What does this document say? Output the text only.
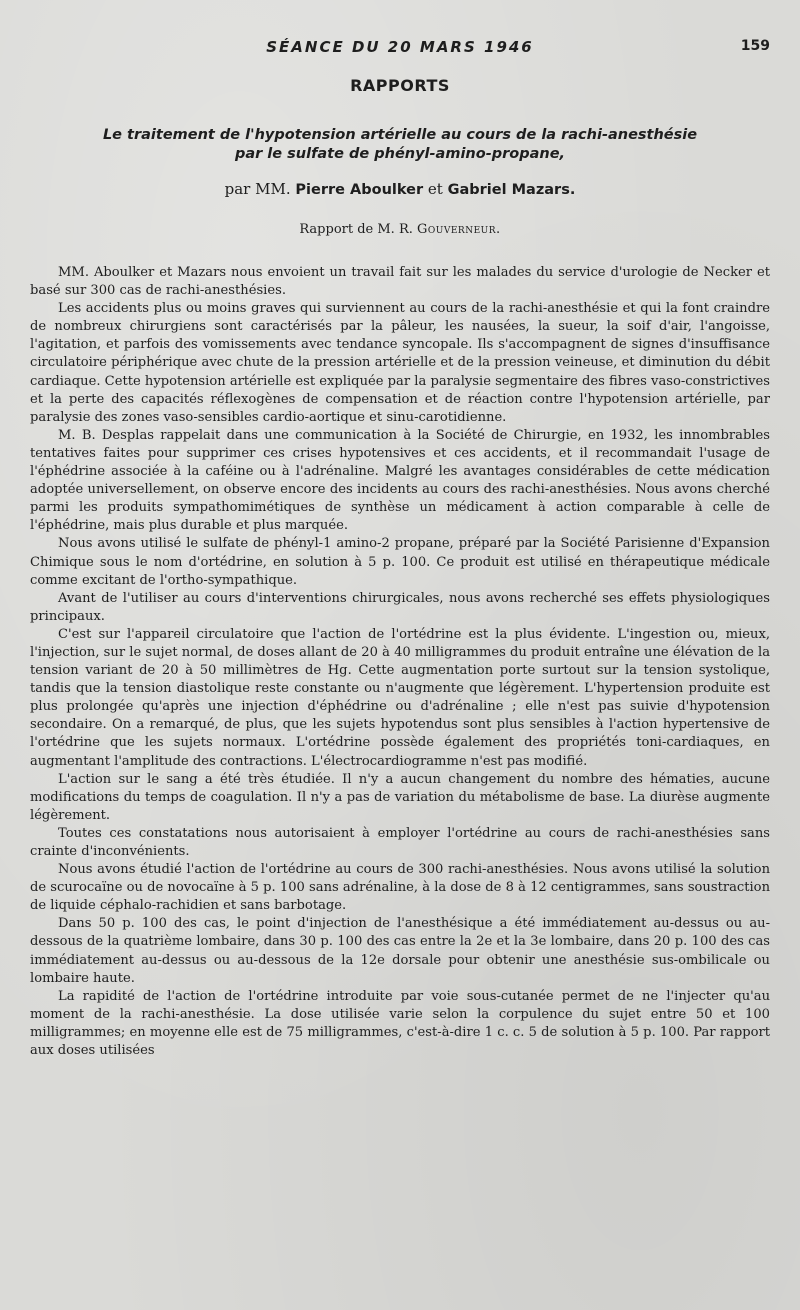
SÉANCE DU 20 MARS 1946	159
RAPPORTS
Le traitement de l'hypotension artérielle au cours de la rachi-anesthésie
par le sulfate de phényl-amino-propane,
par MM. Pierre Aboulker et Gabriel Mazars.
Rapport de M. R. Gouverneur.

MM. Aboulker et Mazars nous envoient un travail fait sur les malades du service d'urologie de Necker et basé sur 300 cas de rachi-anesthésies.

Les accidents plus ou moins graves qui surviennent au cours de la rachi-anesthésie et qui la font craindre de nombreux chirurgiens sont caractérisés par la pâleur, les nausées, la sueur, la soif d'air, l'angoisse, l'agitation, et parfois des vomissements avec tendance syncopale. Ils s'accompagnent de signes d'insuffisance circulatoire périphérique avec chute de la pression artérielle et de la pression veineuse, et diminution du débit cardiaque. Cette hypotension artérielle est expliquée par la paralysie segmentaire des fibres vaso-constrictives et la perte des capacités réflexogènes de compensation et de réaction contre l'hypotension artérielle, par paralysie des zones vaso-sensibles cardio-aortique et sinu-carotidienne.

M. B. Desplas rappelait dans une communication à la Société de Chirurgie, en 1932, les innombrables tentatives faites pour supprimer ces crises hypotensives et ces accidents, et il recommandait l'usage de l'éphédrine associée à la caféine ou à l'adrénaline. Malgré les avantages considérables de cette médication adoptée universellement, on observe encore des incidents au cours des rachi-anesthésies. Nous avons cherché parmi les produits sympathomimétiques de synthèse un médicament à action comparable à celle de l'éphédrine, mais plus durable et plus marquée.

Nous avons utilisé le sulfate de phényl-1 amino-2 propane, préparé par la Société Parisienne d'Expansion Chimique sous le nom d'ortédrine, en solution à 5 p. 100. Ce produit est utilisé en thérapeutique médicale comme excitant de l'ortho-sympathique.

Avant de l'utiliser au cours d'interventions chirurgicales, nous avons recherché ses effets physiologiques principaux.

C'est sur l'appareil circulatoire que l'action de l'ortédrine est la plus évidente. L'ingestion ou, mieux, l'injection, sur le sujet normal, de doses allant de 20 à 40 milligrammes du produit entraîne une élévation de la tension variant de 20 à 50 millimètres de Hg. Cette augmentation porte surtout sur la tension systolique, tandis que la tension diastolique reste constante ou n'augmente que légèrement. L'hypertension produite est plus prolongée qu'après une injection d'éphédrine ou d'adrénaline ; elle n'est pas suivie d'hypotension secondaire. On a remarqué, de plus, que les sujets hypotendus sont plus sensibles à l'action hypertensive de l'ortédrine que les sujets normaux. L'ortédrine possède également des propriétés toni-cardiaques, en augmentant l'amplitude des contractions. L'électrocardiogramme n'est pas modifié.

L'action sur le sang a été très étudiée. Il n'y a aucun changement du nombre des hématies, aucune modifications du temps de coagulation. Il n'y a pas de variation du métabolisme de base. La diurèse augmente légèrement.

Toutes ces constatations nous autorisaient à employer l'ortédrine au cours de rachi-anesthésies sans crainte d'inconvénients.

Nous avons étudié l'action de l'ortédrine au cours de 300 rachi-anesthésies. Nous avons utilisé la solution de scurocaïne ou de novocaïne à 5 p. 100 sans adrénaline, à la dose de 8 à 12 centigrammes, sans soustraction de liquide céphalo-rachidien et sans barbotage.

Dans 50 p. 100 des cas, le point d'injection de l'anesthésique a été immédiatement au-dessus ou au-dessous de la quatrième lombaire, dans 30 p. 100 des cas entre la 2e et la 3e lombaire, dans 20 p. 100 des cas immédiatement au-dessus ou au-dessous de la 12e dorsale pour obtenir une anesthésie sus-ombilicale ou lombaire haute.

La rapidité de l'action de l'ortédrine introduite par voie sous-cutanée permet de ne l'injecter qu'au moment de la rachi-anesthésie. La dose utilisée varie selon la corpulence du sujet entre 50 et 100 milligrammes; en moyenne elle est de 75 milligrammes, c'est-à-dire 1 c. c. 5 de solution à 5 p. 100. Par rapport aux doses utilisées
